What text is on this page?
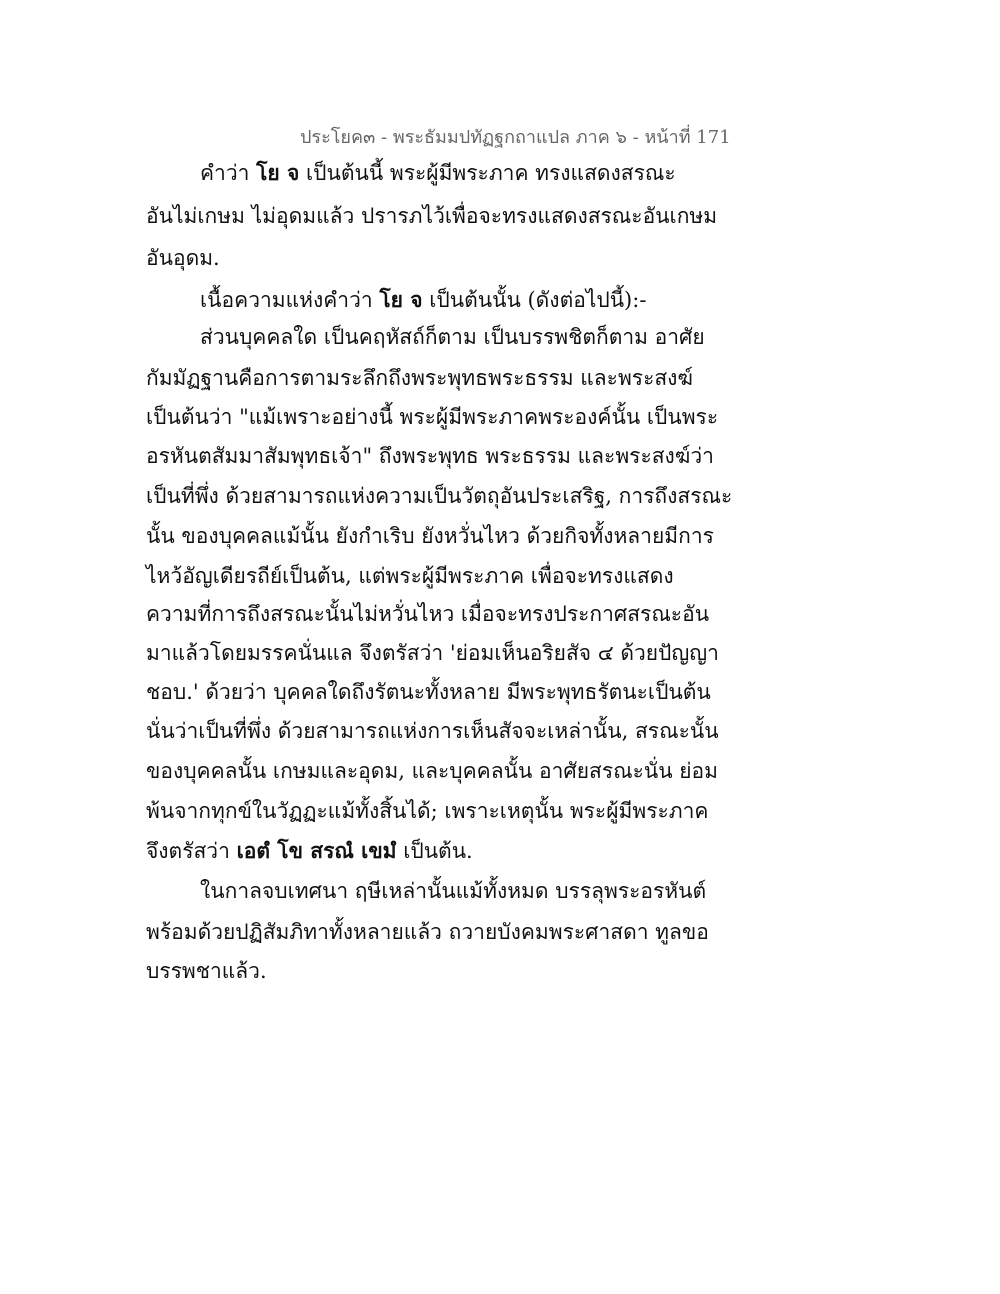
ประโยค๓ - พระธัมมปทัฏฐกถาแปล ภาค ๖ - หน้าที่ 171
คำว่า โย จ เป็นต้นนี้ พระผู้มีพระภาค ทรงแสดงสรณะ
อันไม่เกษม ไม่อุดมแล้ว ปรารภไว้เพื่อจะทรงแสดงสรณะอันเกษม
อันอุดม.
เนื้อความแห่งคำว่า โย จ เป็นต้นนั้น (ดังต่อไปนี้):-
ส่วนบุคคลใด เป็นคฤหัสถ์ก็ตาม เป็นบรรพชิตก็ตาม อาศัย
กัมมัฏฐานคือการตามระลึกถึงพระพุทธพระธรรม และพระสงฆ์
เป็นต้นว่า "แม้เพราะอย่างนี้ พระผู้มีพระภาคพระองค์นั้น เป็นพระ
อรหันตสัมมาสัมพุทธเจ้า" ถึงพระพุทธ พระธรรม และพระสงฆ์ว่า
เป็นที่พึ่ง ด้วยสามารถแห่งความเป็นวัตถุอันประเสริฐ, การถึงสรณะ
นั้น ของบุคคลแม้นั้น ยังกำเริบ ยังหวั่นไหว ด้วยกิจทั้งหลายมีการ
ไหว้อัญเดียรถีย์เป็นต้น, แต่พระผู้มีพระภาค เพื่อจะทรงแสดง
ความที่การถึงสรณะนั้นไม่หวั่นไหว เมื่อจะทรงประกาศสรณะอัน
มาแล้วโดยมรรคนั่นแล จึงตรัสว่า 'ย่อมเห็นอริยสัจ ๔ ด้วยปัญญา
ชอบ.' ด้วยว่า บุคคลใดถึงรัตนะทั้งหลาย มีพระพุทธรัตนะเป็นต้น
นั่นว่าเป็นที่พึ่ง ด้วยสามารถแห่งการเห็นสัจจะเหล่านั้น, สรณะนั้น
ของบุคคลนั้น เกษมและอุดม, และบุคคลนั้น อาศัยสรณะนั่น ย่อม
พ้นจากทุกข์ในวัฏฏะแม้ทั้งสิ้นได้; เพราะเหตุนั้น พระผู้มีพระภาค
จึงตรัสว่า เอตํ โข สรณํ เขมํ เป็นต้น.
ในกาลจบเทศนา ฤษีเหล่านั้นแม้ทั้งหมด บรรลุพระอรหันต์
พร้อมด้วยปฏิสัมภิทาทั้งหลายแล้ว ถวายบังคมพระศาสดา ทูลขอ
บรรพชาแล้ว.
